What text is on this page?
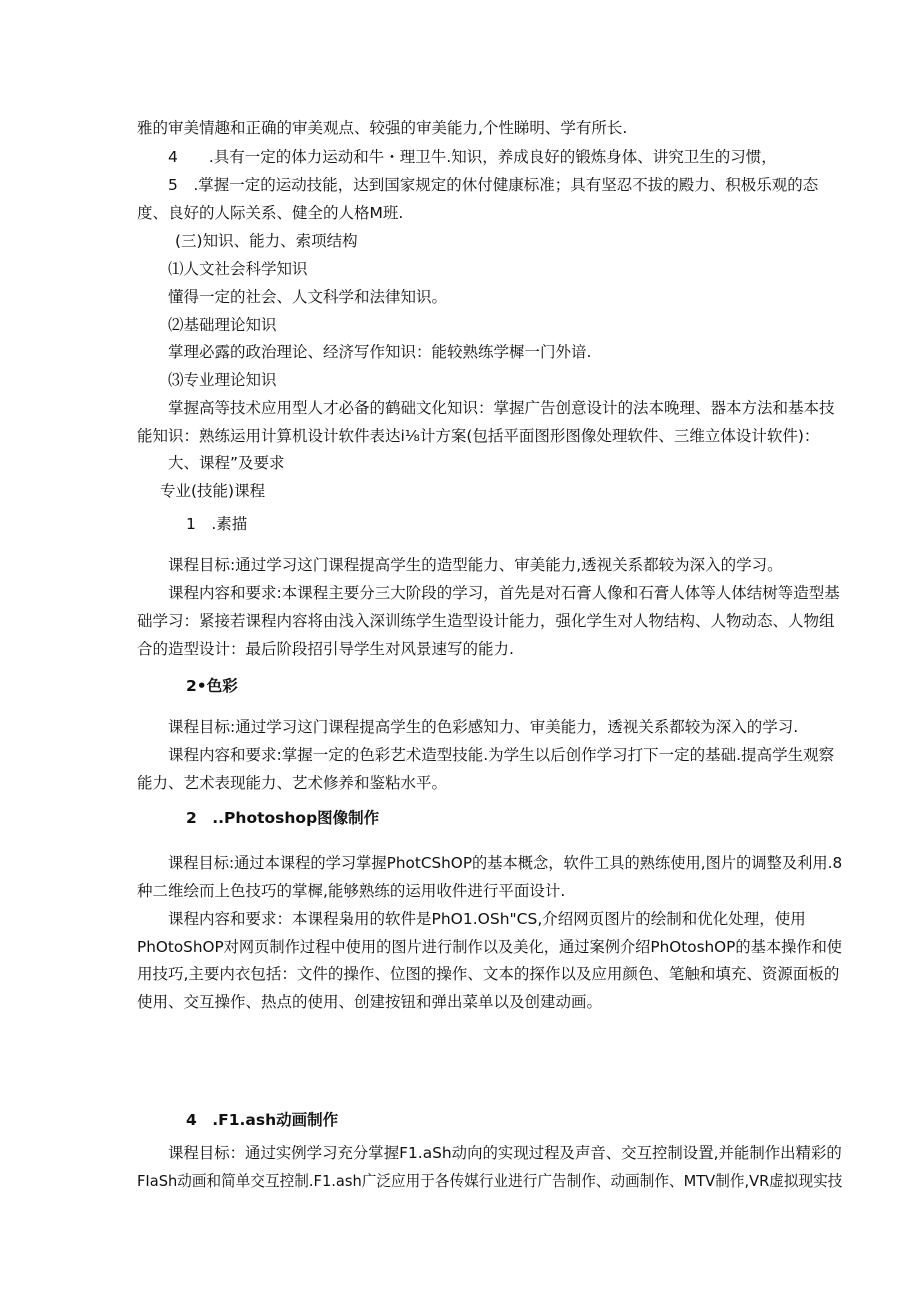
雅的审美情趣和正确的审美观点、较强的审美能力,个性睇明、学有所长.
4　　.具有一定的体力运动和牛・理卫牛.知识，养成良好的锻炼身体、讲究卫生的习惯，
5　.掌握一定的运动技能，达到国家规定的休付健康标准；具有坚忍不拔的殿力、积极乐观的态
度、良好的人际关系、健全的人格M班.
(三)知识、能力、索项结构
⑴人文社会科学知识
懂得一定的社会、人文科学和法律知识。
⑵基础理论知识
掌理必露的政治理论、经济写作知识：能较熟练学樨一门外谙.
⑶专业理论知识
掌握高等技术应用型人才必备的鹤础文化知识：掌握广告创意设计的法本晚理、器本方法和基本技
能知识：熟练运用计算机设计软件表达i⅛计方案(包括平面图形图像处理软件、三维立体设计软件)：
大、课程”及要求
专业(技能)课程
1　.素描
课程目标:通过学习这门课程提高学生的造型能力、审美能力,透视关系都较为深入的学习。
课程内容和要求:本课程主要分三大阶段的学习，首先是对石膏人像和石膏人体等人体结树等造型基
础学习：紧接若课程内容将由浅入深训练学生造型设计能力，强化学生对人物结构、人物动态、人物组
合的造型设计：最后阶段招引导学生对风景速写的能力.
2•色彩
课程目标:通过学习这门课程提高学生的色彩感知力、审美能力，透视关系都较为深入的学习.
课程内容和要求:掌握一定的色彩艺术造型技能.为学生以后创作学习打下一定的基础.提高学生观察
能力、艺术表现能力、艺术修养和鉴粘水平。
2　..Photoshop图像制作
课程目标:通过本课程的学习掌握PhotCShOP的基本概念，软件工具的熟练使用,图片的调整及利用.8
种二维绘而上色技巧的掌樨,能够熟练的运用收件进行平面设计.
课程内容和要求：本课程枭用的软件是PhO1.OSh"CS,介绍网页图片的绘制和优化处理，使用
PhOtoShOP对网页制作过程中使用的图片进行制作以及美化，通过案例介绍PhOtoshOP的基本操作和使
用技巧,主要内衣包括：文件的操作、位图的操作、文本的探作以及应用颜色、笔触和填充、资源面板的
使用、交互操作、热点的使用、创建按钮和弹出菜单以及创建动画。
4　.F1.ash动画制作
课程目标：通过实例学习充分掌握F1.aSh动向的实现过程及声音、交互控制设置,并能制作出精彩的
FIaSh动画和简单交互控制.F1.ash广泛应用于各传媒行业进行广告制作、动画制作、MTV制作,VR虚拟现实技
